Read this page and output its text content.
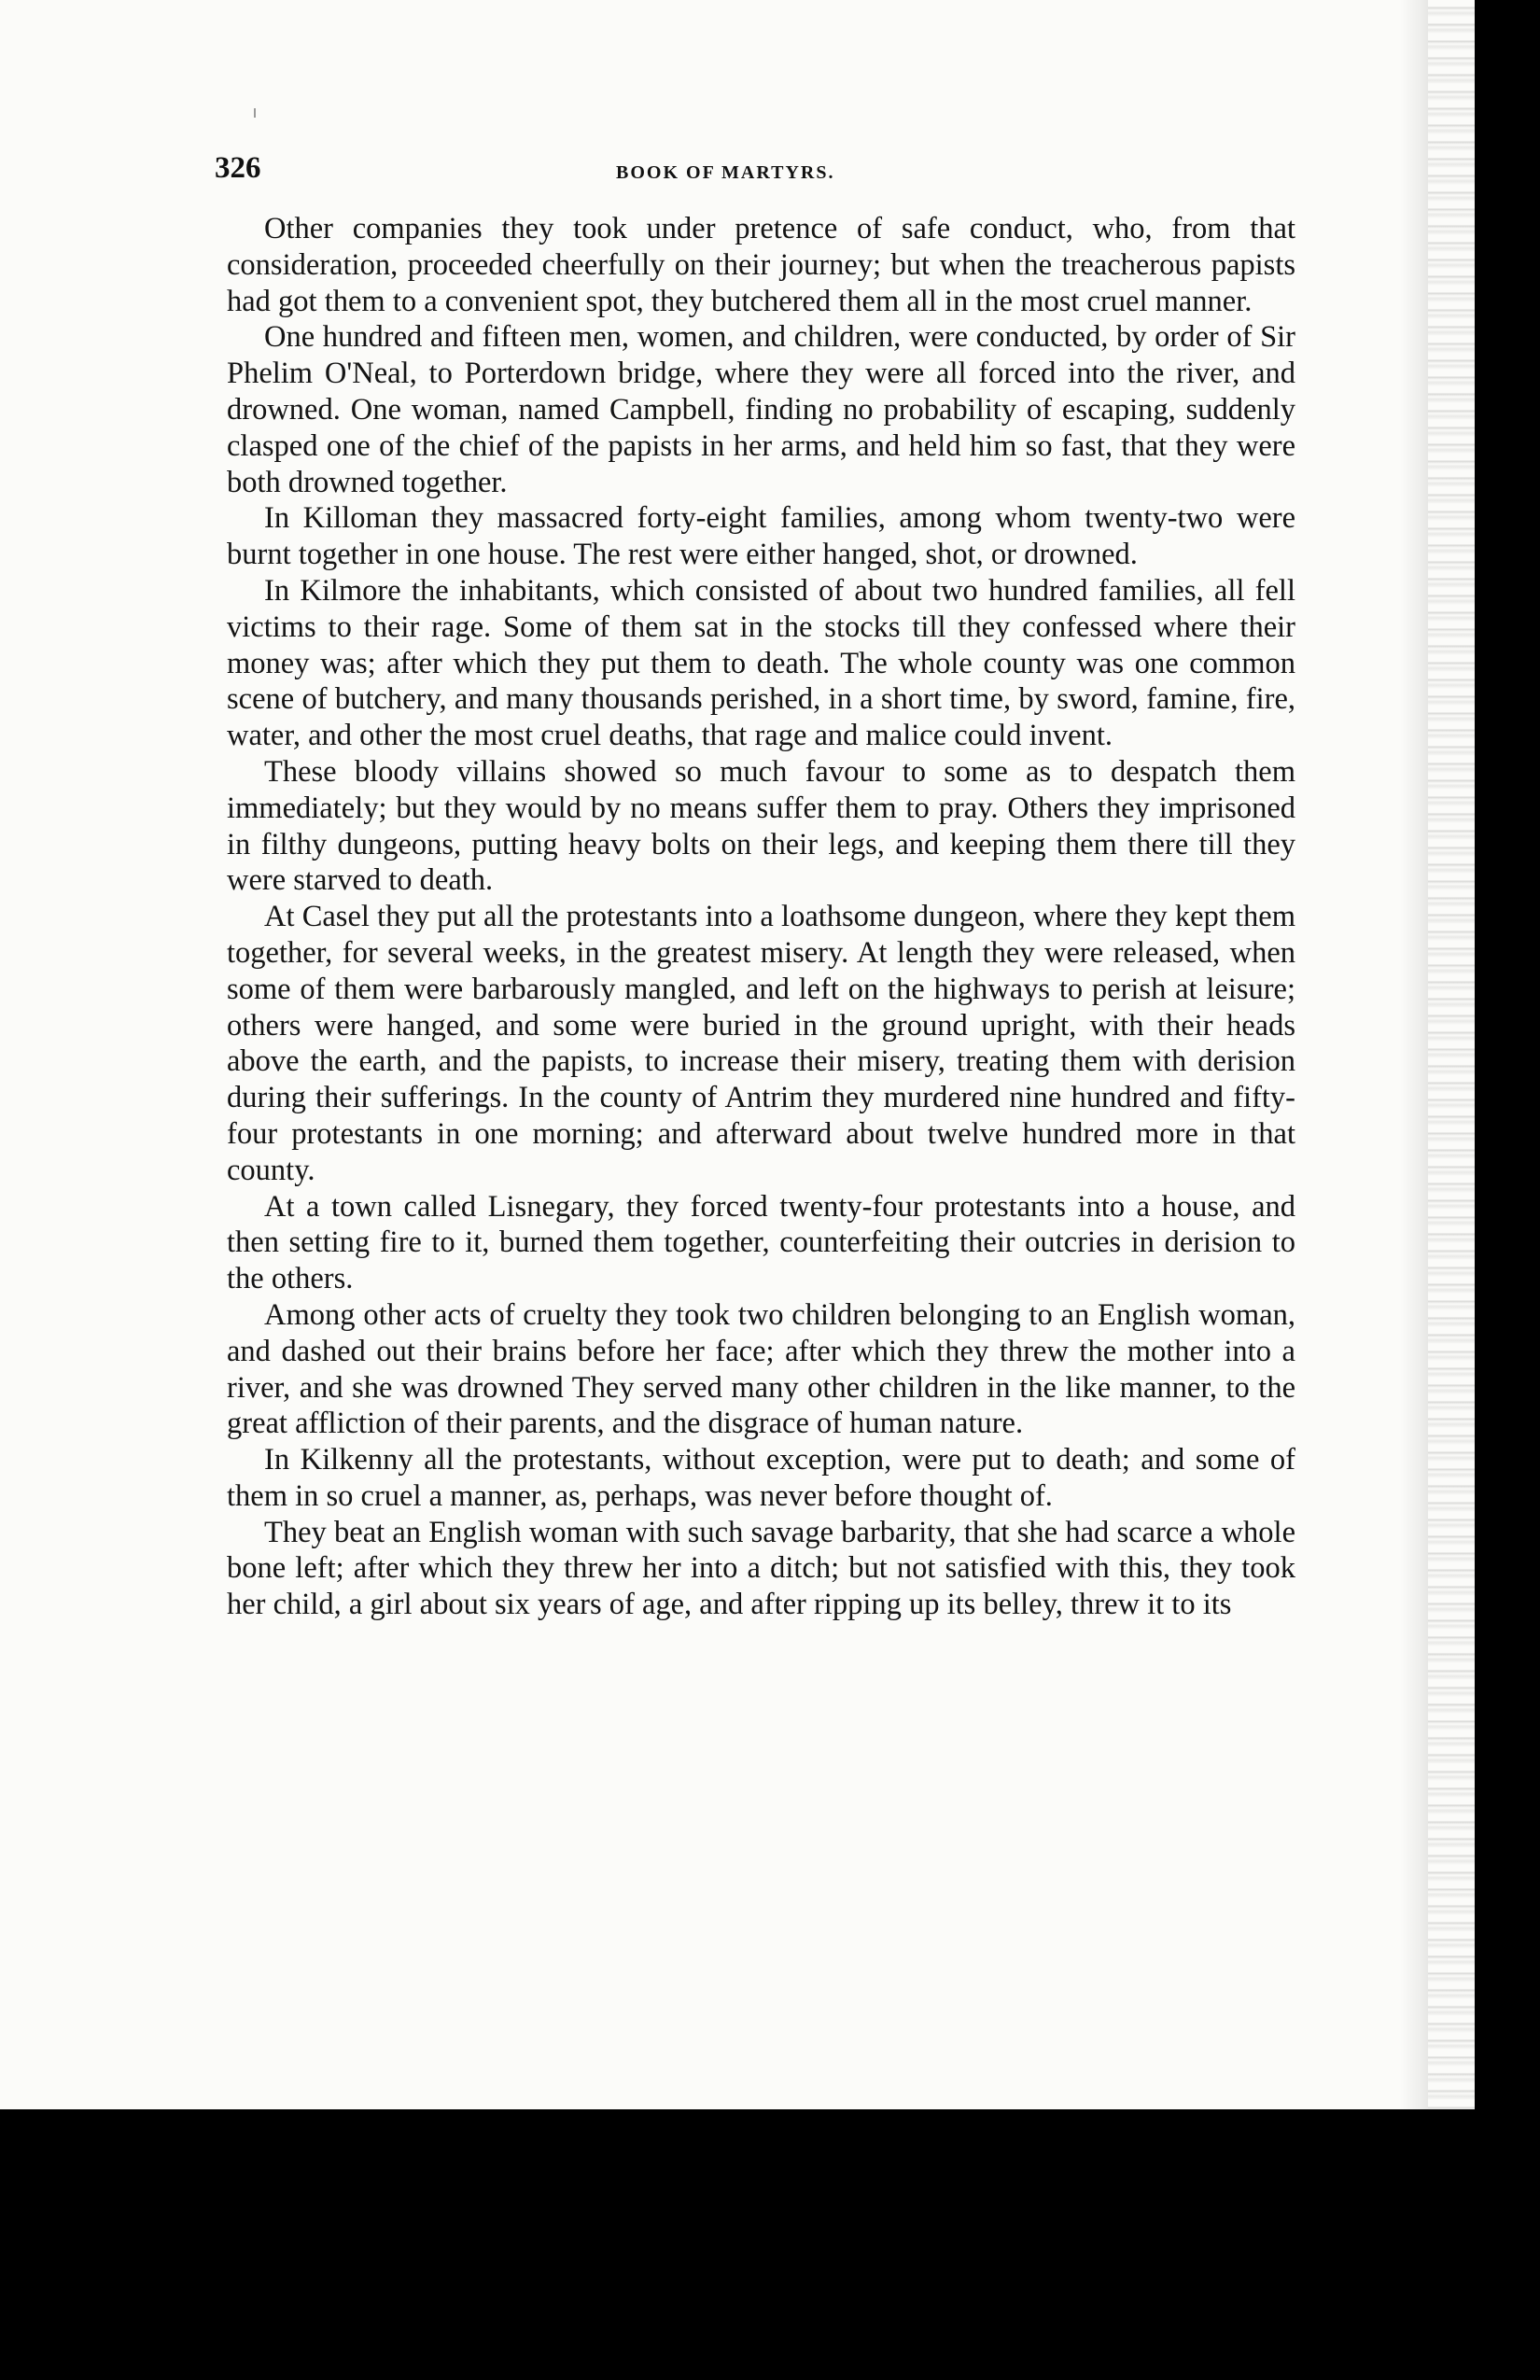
326	BOOK OF MARTYRS.

Other companies they took under pretence of safe conduct, who, from that consideration, proceeded cheerfully on their journey; but when the treacherous papists had got them to a convenient spot, they butchered them all in the most cruel manner.

One hundred and fifteen men, women, and children, were conducted, by order of Sir Phelim O'Neal, to Porterdown bridge, where they were all forced into the river, and drowned. One woman, named Campbell, finding no probability of escaping, suddenly clasped one of the chief of the papists in her arms, and held him so fast, that they were both drowned together.

In Killoman they massacred forty-eight families, among whom twenty-two were burnt together in one house. The rest were either hanged, shot, or drowned.

In Kilmore the inhabitants, which consisted of about two hundred families, all fell victims to their rage. Some of them sat in the stocks till they confessed where their money was; after which they put them to death. The whole county was one common scene of butchery, and many thousands perished, in a short time, by sword, famine, fire, water, and other the most cruel deaths, that rage and malice could invent.

These bloody villains showed so much favour to some as to despatch them immediately; but they would by no means suffer them to pray. Others they imprisoned in filthy dungeons, putting heavy bolts on their legs, and keeping them there till they were starved to death.

At Casel they put all the protestants into a loathsome dungeon, where they kept them together, for several weeks, in the greatest misery. At length they were released, when some of them were barbarously mangled, and left on the highways to perish at leisure; others were hanged, and some were buried in the ground upright, with their heads above the earth, and the papists, to increase their misery, treating them with derision during their sufferings. In the county of Antrim they murdered nine hundred and fifty-four protestants in one morning; and afterward about twelve hundred more in that county.

At a town called Lisnegary, they forced twenty-four protestants into a house, and then setting fire to it, burned them together, counterfeiting their outcries in derision to the others.

Among other acts of cruelty they took two children belonging to an English woman, and dashed out their brains before her face; after which they threw the mother into a river, and she was drowned They served many other children in the like manner, to the great affliction of their parents, and the disgrace of human nature.

In Kilkenny all the protestants, without exception, were put to death; and some of them in so cruel a manner, as, perhaps, was never before thought of.

They beat an English woman with such savage barbarity, that she had scarce a whole bone left; after which they threw her into a ditch; but not satisfied with this, they took her child, a girl about six years of age, and after ripping up its belley, threw it to its
